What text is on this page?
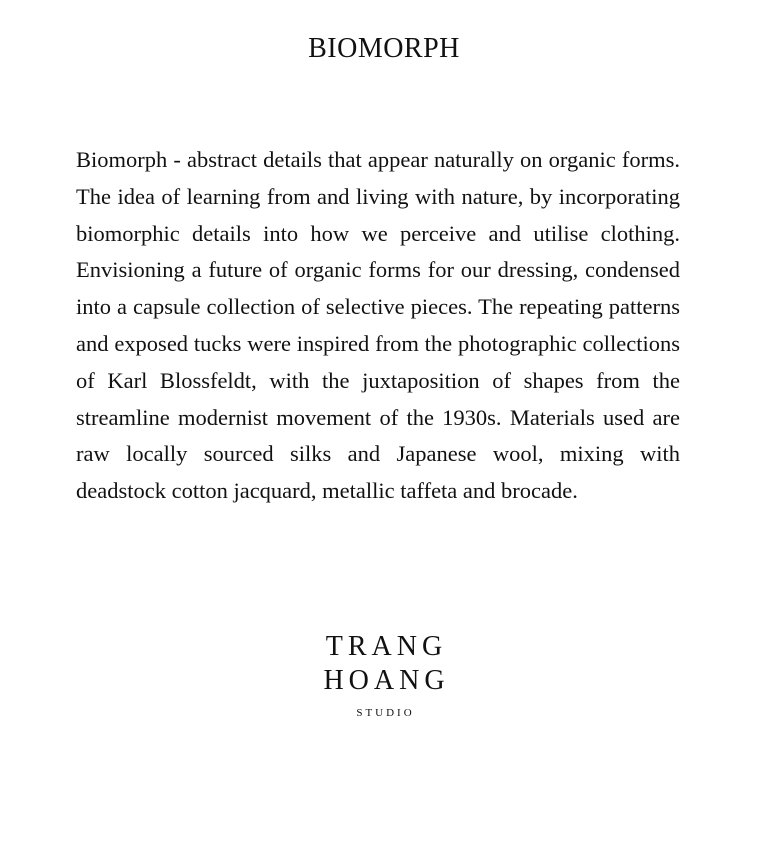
BIOMORPH

Biomorph - abstract details that appear naturally on organic forms. The idea of learning from and living with nature, by incorporating biomorphic details into how we perceive and utilise clothing. Envisioning a future of organic forms for our dressing, condensed into a capsule collection of selective pieces. The repeating patterns and exposed tucks were inspired from the photographic collections of Karl Blossfeldt, with the juxtaposition of shapes from the streamline modernist movement of the 1930s. Materials used are raw locally sourced silks and Japanese wool, mixing with deadstock cotton jacquard, metallic taffeta and brocade.

TRANG
HOANG
STUDIO
